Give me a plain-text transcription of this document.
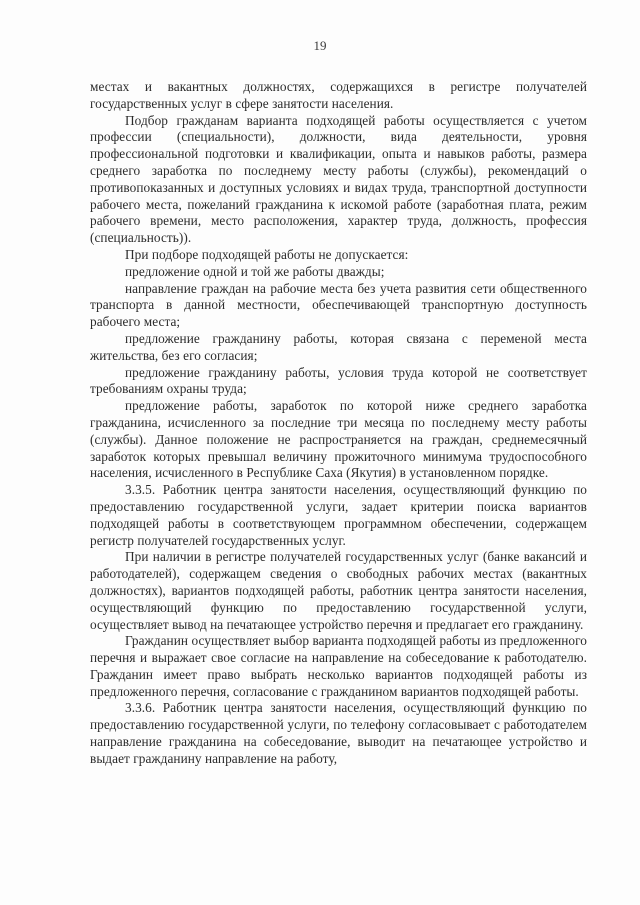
19

местах и вакантных должностях, содержащихся в регистре получателей государственных услуг в сфере занятости населения.

Подбор гражданам варианта подходящей работы осуществляется с учетом профессии (специальности), должности, вида деятельности, уровня профессиональной подготовки и квалификации, опыта и навыков работы, размера среднего заработка по последнему месту работы (службы), рекомендаций о противопоказанных и доступных условиях и видах труда, транспортной доступности рабочего места, пожеланий гражданина к искомой работе (заработная плата, режим рабочего времени, место расположения, характер труда, должность, профессия (специальность)).

При подборе подходящей работы не допускается:

предложение одной и той же работы дважды;

направление граждан на рабочие места без учета развития сети общественного транспорта в данной местности, обеспечивающей транспортную доступность рабочего места;

предложение гражданину работы, которая связана с переменой места жительства, без его согласия;

предложение гражданину работы, условия труда которой не соответствует требованиям охраны труда;

предложение работы, заработок по которой ниже среднего заработка гражданина, исчисленного за последние три месяца по последнему месту работы (службы). Данное положение не распространяется на граждан, среднемесячный заработок которых превышал величину прожиточного минимума трудоспособного населения, исчисленного в Республике Саха (Якутия) в установленном порядке.

3.3.5. Работник центра занятости населения, осуществляющий функцию по предоставлению государственной услуги, задает критерии поиска вариантов подходящей работы в соответствующем программном обеспечении, содержащем регистр получателей государственных услуг.

При наличии в регистре получателей государственных услуг (банке вакансий и работодателей), содержащем сведения о свободных рабочих местах (вакантных должностях), вариантов подходящей работы, работник центра занятости населения, осуществляющий функцию по предоставлению государственной услуги, осуществляет вывод на печатающее устройство перечня и предлагает его гражданину.

Гражданин осуществляет выбор варианта подходящей работы из предложенного перечня и выражает свое согласие на направление на собеседование к работодателю. Гражданин имеет право выбрать несколько вариантов подходящей работы из предложенного перечня, согласование с гражданином вариантов подходящей работы.

3.3.6. Работник центра занятости населения, осуществляющий функцию по предоставлению государственной услуги, по телефону согласовывает с работодателем направление гражданина на собеседование, выводит на печатающее устройство и выдает гражданину направление на работу,
